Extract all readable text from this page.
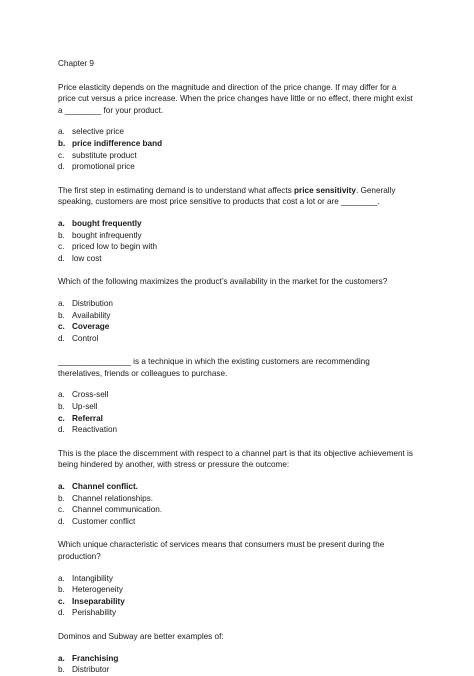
Chapter 9
Price elasticity depends on the magnitude and direction of the price change. If may differ for a price cut versus a price increase. When the price changes have little or no effect, there might exist a ________ for your product.
a. selective price
b. price indifference band
c. substitute product
d. promotional price
The first step in estimating demand is to understand what affects price sensitivity. Generally speaking, customers are most price sensitive to products that cost a lot or are ________.
a. bought frequently
b. bought infrequently
c. priced low to begin with
d. low cost
Which of the following maximizes the product’s availability in the market for the customers?
a. Distribution
b. Availability
c. Coverage
d. Control
________________ is a technique in which the existing customers are recommending therelatives, friends or colleagues to purchase.
a. Cross-sell
b. Up-sell
c. Referral
d. Reactivation
This is the place the discernment with respect to a channel part is that its objective achievement is being hindered by another, with stress or pressure the outcome:
a. Channel conflict.
b. Channel relationships.
c. Channel communication.
d. Customer conflict
Which unique characteristic of services means that consumers must be present during the production?
a. Intangibility
b. Heterogeneity
c. Inseparability
d. Perishability
Dominos and Subway are better examples of:
a. Franchising
b. Distributor
